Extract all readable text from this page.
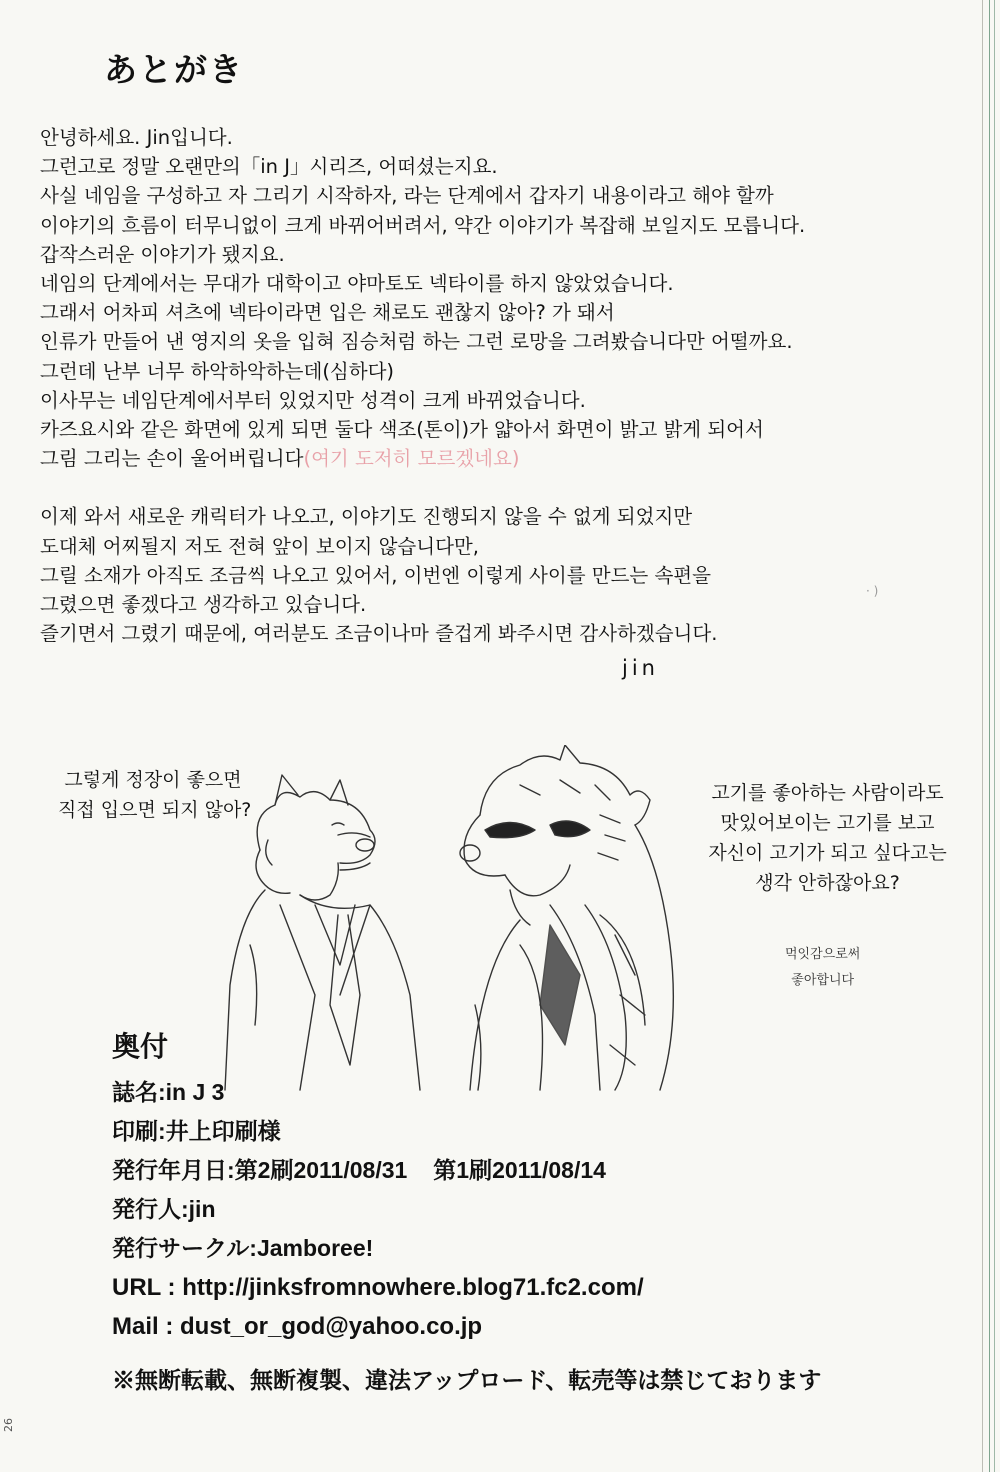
あとがき
안녕하세요. Jin입니다.
그런고로 정말 오랜만의「in J」시리즈, 어떠셨는지요.
사실 네임을 구성하고 자 그리기 시작하자, 라는 단계에서 갑자기 내용이라고 해야 할까
이야기의 흐름이 터무니없이 크게 바뀌어버려서, 약간 이야기가 복잡해 보일지도 모릅니다.
갑작스러운 이야기가 됐지요.
네임의 단계에서는 무대가 대학이고 야마토도 넥타이를 하지 않았었습니다.
그래서 어차피 셔츠에 넥타이라면 입은 채로도 괜찮지 않아? 가 돼서
인류가 만들어 낸 영지의 옷을 입혀 짐승처럼 하는 그런 로망을 그려봤습니다만 어떨까요.
그런데 난부 너무 하악하악하는데(심하다)
이사무는 네임단계에서부터 있었지만 성격이 크게 바뀌었습니다.
카즈요시와 같은 화면에 있게 되면 둘다 색조(톤이)가 얇아서 화면이 밝고 밝게 되어서
그림 그리는 손이 울어버립니다(여기 도저히 모르겠네요)
이제 와서 새로운 캐릭터가 나오고, 이야기도 진행되지 않을 수 없게 되었지만
도대체 어찌될지 저도 전혀 앞이 보이지 않습니다만,
그릴 소재가 아직도 조금씩 나오고 있어서, 이번엔 이렇게 사이를 만드는 속편을
그렸으면 좋겠다고 생각하고 있습니다.
즐기면서 그렸기 때문에, 여러분도 조금이나마 즐겁게 봐주시면 감사하겠습니다.
· )
jin
그렇게 정장이 좋으면
직접 입으면 되지 않아?
고기를 좋아하는 사람이라도
맛있어보이는 고기를 보고
자신이 고기가 되고 싶다고는
생각 안하잖아요?
먹잇감으로써
좋아합니다
奥付
誌名:in J 3
印刷:井上印刷様
発行年月日:第2刷2011/08/31 第1刷2011/08/14
発行人:jin
発行サークル:Jamboree!
URL : http://jinksfromnowhere.blog71.fc2.com/
Mail : dust_or_god@yahoo.co.jp
※無断転載、無断複製、違法アップロード、転売等は禁じております
26
